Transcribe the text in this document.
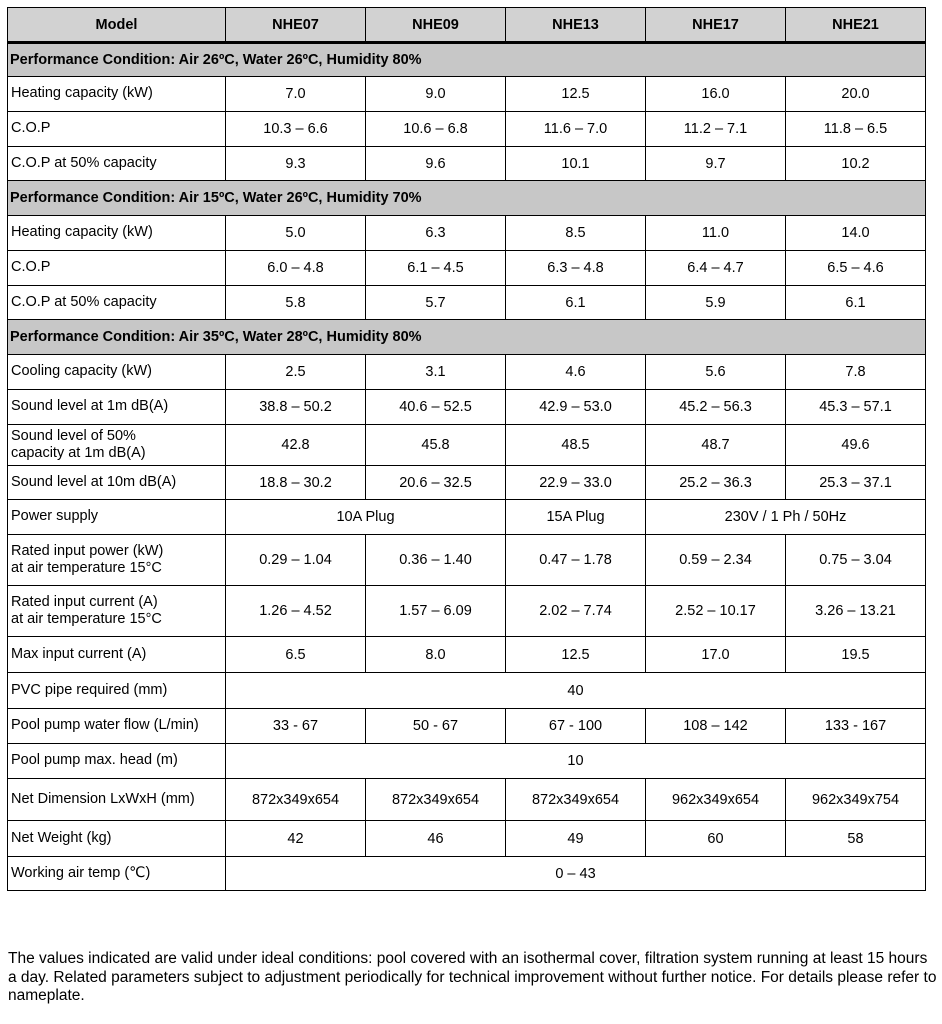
Model	NHE07	NHE09	NHE13	NHE17	NHE21
Performance Condition: Air 26ºC, Water 26ºC, Humidity 80%					
Heating capacity (kW)	7.0	9.0	12.5	16.0	20.0
C.O.P	10.3 – 6.6	10.6 – 6.8	11.6 – 7.0	11.2 – 7.1	11.8 – 6.5
C.O.P at 50% capacity	9.3	9.6	10.1	9.7	10.2
Performance Condition: Air 15ºC, Water 26ºC, Humidity 70%					
Heating capacity (kW)	5.0	6.3	8.5	11.0	14.0
C.O.P	6.0 – 4.8	6.1 – 4.5	6.3 – 4.8	6.4 – 4.7	6.5 – 4.6
C.O.P at 50% capacity	5.8	5.7	6.1	5.9	6.1
Performance Condition: Air 35ºC, Water 28ºC, Humidity 80%					
Cooling capacity (kW)	2.5	3.1	4.6	5.6	7.8
Sound level at 1m dB(A)	38.8 – 50.2	40.6 – 52.5	42.9 – 53.0	45.2 – 56.3	45.3 – 57.1
Sound level of 50%
capacity at 1m dB(A)	42.8	45.8	48.5	48.7	49.6
Sound level at 10m dB(A)	18.8 – 30.2	20.6 – 32.5	22.9 – 33.0	25.2 – 36.3	25.3 – 37.1
Power supply	10A Plug		15A Plug	230V / 1 Ph / 50Hz	
Rated input power (kW)
at air temperature 15°C	0.29 – 1.04	0.36 – 1.40	0.47 – 1.78	0.59 – 2.34	0.75 – 3.04
Rated input current (A)
at air temperature 15°C	1.26 – 4.52	1.57 – 6.09	2.02 – 7.74	2.52 – 10.17	3.26 – 13.21
Max input current (A)	6.5	8.0	12.5	17.0	19.5
PVC pipe required (mm)	40				
Pool pump water flow (L/min)	33 - 67	50 - 67	67 - 100	108 – 142	133 - 167
Pool pump max. head (m)	10				
Net Dimension LxWxH (mm)	872x349x654	872x349x654	872x349x654	962x349x654	962x349x754
Net Weight (kg)	42	46	49	60	58
Working air temp (℃)	0 – 43				

The values indicated are valid under ideal conditions: pool covered with an isothermal cover, filtration system running at least 15 hours a day. Related parameters subject to adjustment periodically for technical improvement without further notice. For details please refer to nameplate.
